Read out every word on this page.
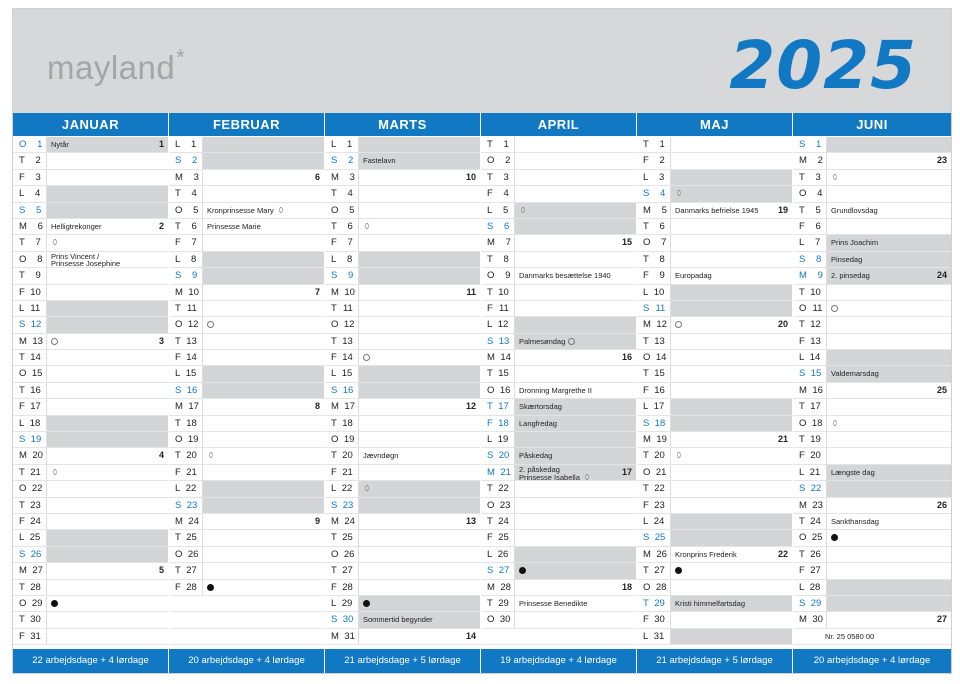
mayland*	2025
JANUAR
O 1	Nytår	1
T 2
F 3
L 4
S 5
M 6	Helligtrekonger	2
T 7
O 8	Prins Vincent /
Prinsesse Josephine
T 9
F 10
L 11
S 12
M 13	3
T 14
O 15
T 16
F 17
L 18
S 19
M 20	4
T 21
O 22
T 23
F 24
L 25
S 26
M 27	5
T 28
O 29
T 30
F 31
22 arbejdsdage + 4 lørdage
FEBRUAR
L 1
S 2
M 3	6
T 4
O 5	Kronprinsesse Mary
T 6	Prinsesse Marie
F 7
L 8
S 9
M 10	7
T 11
O 12
T 13
F 14
L 15
S 16
M 17	8
T 18
O 19
T 20
F 21
L 22
S 23
M 24	9
T 25
O 26
T 27
F 28
20 arbejdsdage + 4 lørdage
MARTS
L 1
S 2	Fastelavn
M 3	10
T 4
O 5
T 6
F 7
L 8
S 9
M 10	11
T 11
O 12
T 13
F 14
L 15
S 16
M 17	12
T 18
O 19
T 20	Jævndøgn
F 21
L 22
S 23
M 24	13
T 25
O 26
T 27
F 28
L 29
S 30	Sommertid begynder
M 31	14
21 arbejdsdage + 5 lørdage
APRIL
T 1
O 2
T 3
F 4
L 5
S 6
M 7	15
T 8
O 9	Danmarks besættelse 1940
T 10
F 11
L 12
S 13	Palmesøndag
M 14	16
T 15
O 16	Dronning Margrethe II
T 17	Skærtorsdag
F 18	Langfredag
L 19
S 20	Påskedag
M 21	2. påskedag
Prinsesse Isabella
17
T 22
O 23
T 24
F 25
L 26
S 27
M 28	18
T 29	Prinsesse Benedikte
O 30
19 arbejdsdage + 4 lørdage
MAJ
T 1
F 2
L 3
S 4
M 5	Danmarks befrielse 1945	19
T 6
O 7
T 8
F 9	Europadag
L 10
S 11
M 12	20
T 13
O 14
T 15
F 16
L 17
S 18
M 19	21
T 20
O 21
T 22
F 23
L 24
S 25
M 26	Kronprins Frederik	22
T 27
O 28
T 29	Kristi himmelfartsdag
F 30
L 31
21 arbejdsdage + 5 lørdage
JUNI
S 1
M 2	23
T 3
O 4
T 5	Grundlovsdag
F 6
L 7	Prins Joachim
S 8	Pinsedag
M 9	2. pinsedag	24
T 10
O 11
T 12
F 13
L 14
S 15	Valdemarsdag
M 16	25
T 17
O 18
T 19
F 20
L 21	Længste dag
S 22
M 23	26
T 24	Sankthansdag
O 25
T 26
F 27
L 28
S 29
M 30	27
Nr. 25 0580 00
20 arbejdsdage + 4 lørdage
